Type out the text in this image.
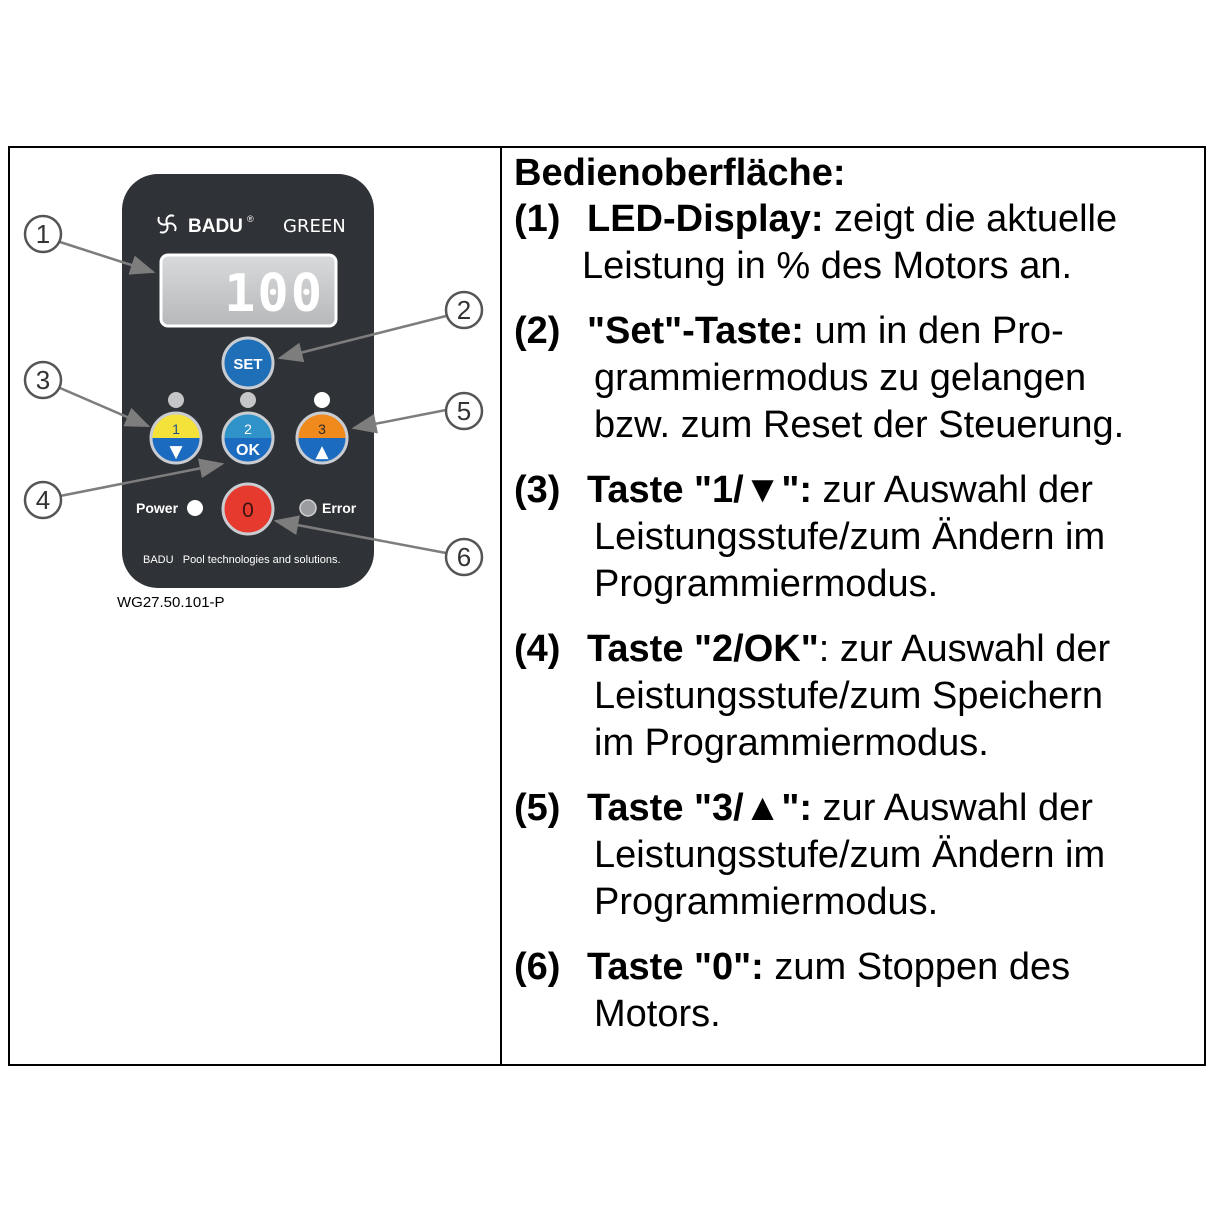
BADU ® GREEN
100
SET
1
▼
2
OK
3
▲
Power	0	Error
BADU   Pool technologies and solutions.
WG27.50.101-P
1
2
3
4
5
6
Bedienoberfläche:
(1) LED-Display: zeigt die aktuelle
Leistung in % des Motors an.
(2) "Set"-Taste: um in den Pro-
grammiermodus zu gelangen
bzw. zum Reset der Steuerung.
(3) Taste "1/▼": zur Auswahl der
Leistungsstufe/zum Ändern im
Programmiermodus.
(4) Taste "2/OK": zur Auswahl der
Leistungsstufe/zum Speichern
im Programmiermodus.
(5) Taste "3/▲": zur Auswahl der
Leistungsstufe/zum Ändern im
Programmiermodus.
(6) Taste "0": zum Stoppen des
Motors.
